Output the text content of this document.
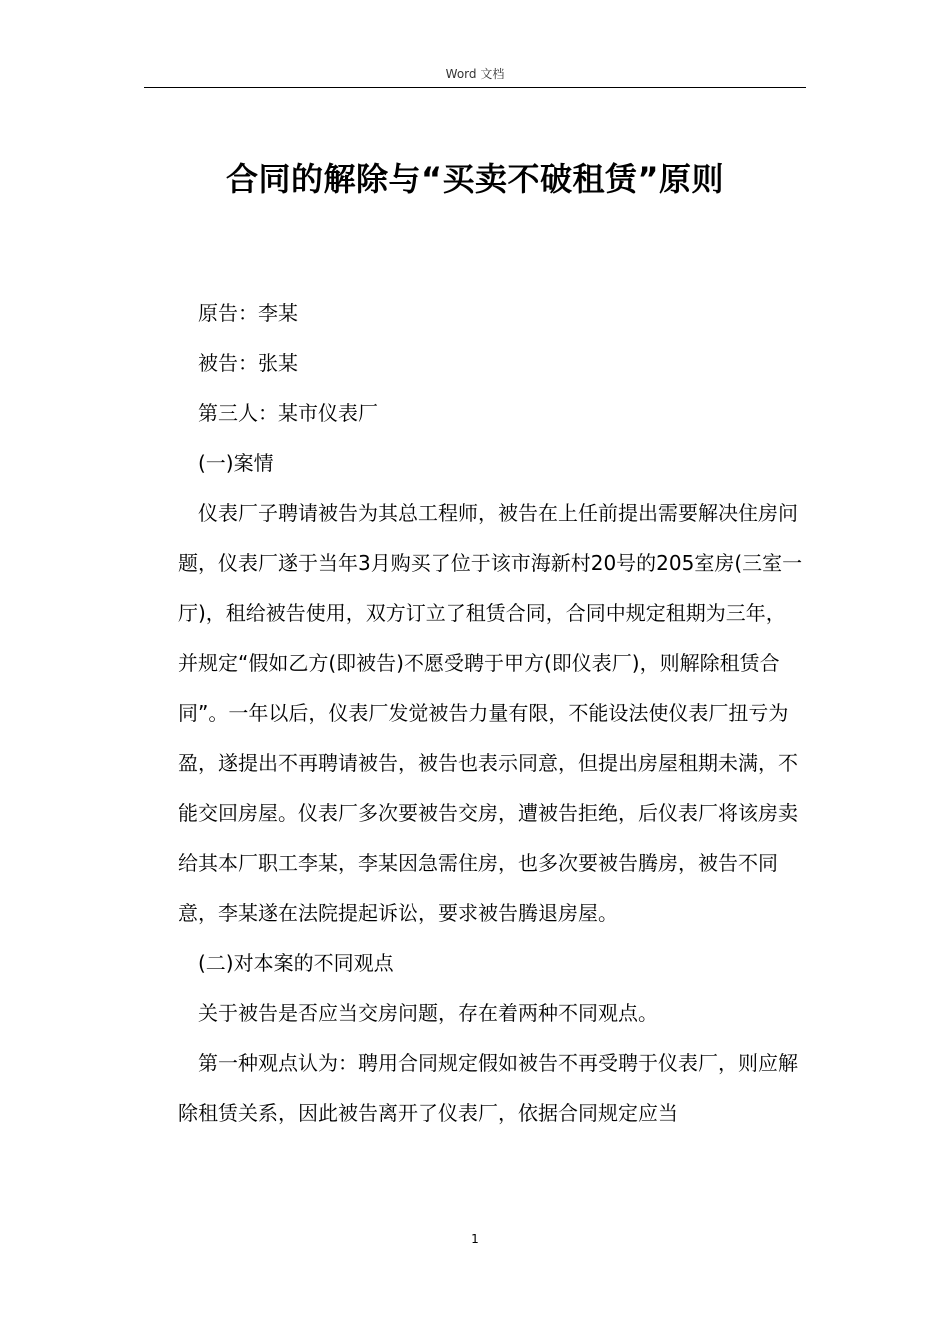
Word 文档
合同的解除与“买卖不破租赁”原则

原告：李某

被告：张某

第三人：某市仪表厂

(一)案情

仪表厂子聘请被告为其总工程师，被告在上任前提出需要解决住房问题，仪表厂遂于当年3月购买了位于该市海新村20号的205室房(三室一厅)，租给被告使用，双方订立了租赁合同，合同中规定租期为三年，并规定“假如乙方(即被告)不愿受聘于甲方(即仪表厂)，则解除租赁合同”。一年以后，仪表厂发觉被告力量有限，不能设法使仪表厂扭亏为盈，遂提出不再聘请被告，被告也表示同意，但提出房屋租期未满，不能交回房屋。仪表厂多次要被告交房，遭被告拒绝，后仪表厂将该房卖给其本厂职工李某，李某因急需住房，也多次要被告腾房，被告不同意，李某遂在法院提起诉讼，要求被告腾退房屋。

(二)对本案的不同观点

关于被告是否应当交房问题，存在着两种不同观点。

第一种观点认为：聘用合同规定假如被告不再受聘于仪表厂，则应解除租赁关系，因此被告离开了仪表厂，依据合同规定应当

1
